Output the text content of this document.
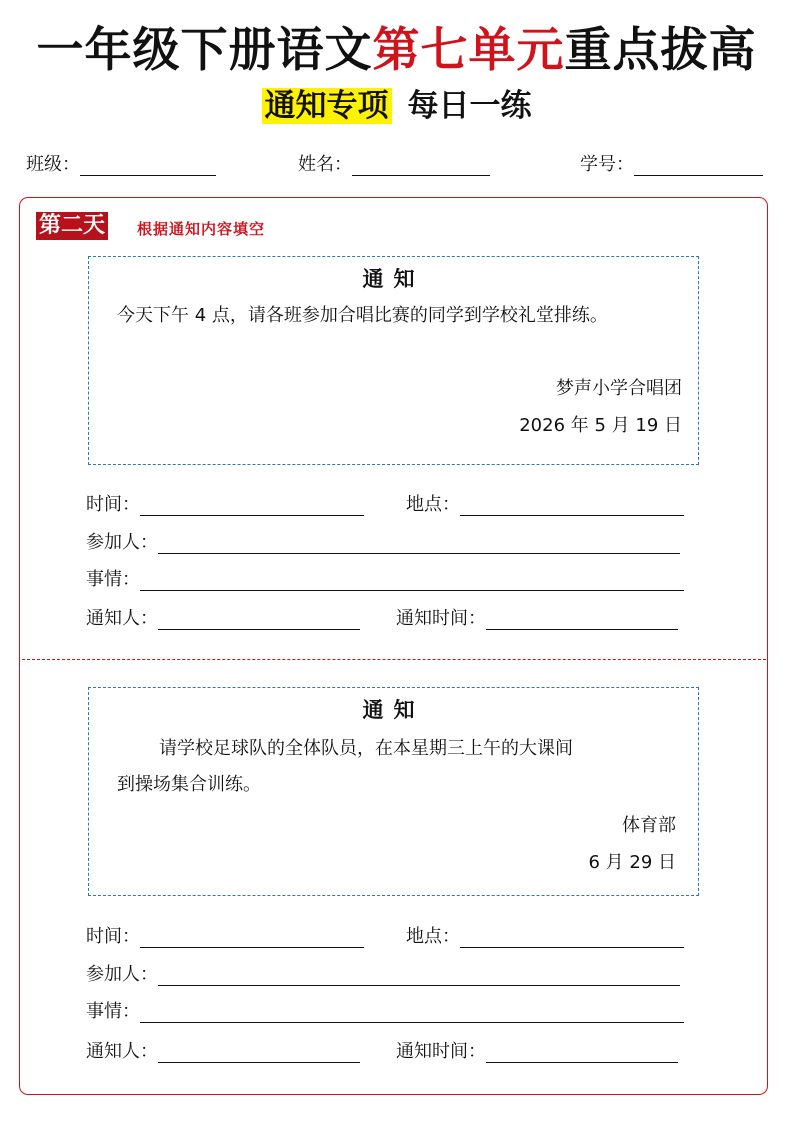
一年级下册语文第七单元重点拔高
通知专项 每日一练
班级：	姓名：	学号：
第二天 根据通知内容填空
通知
今天下午 4 点，请各班参加合唱比赛的同学到学校礼堂排练。
梦声小学合唱团
2026 年 5 月 19 日
时间：	地点：
参加人：
事情：
通知人：	通知时间：
通知
请学校足球队的全体队员，在本星期三上午的大课间
到操场集合训练。
体育部
6 月 29 日
时间：	地点：
参加人：
事情：
通知人：	通知时间：
